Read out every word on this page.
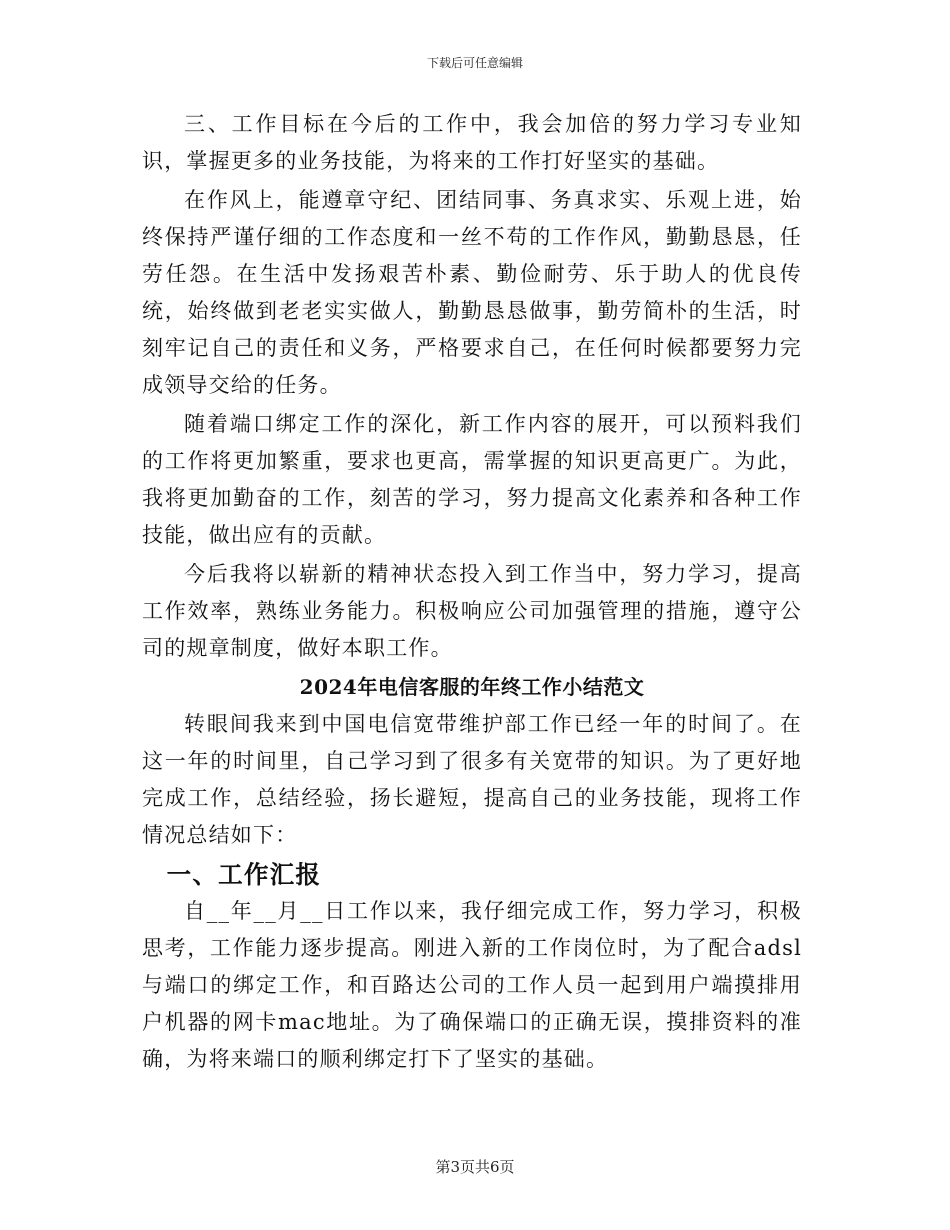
下载后可任意编辑

三、工作目标在今后的工作中，我会加倍的努力学习专业知识，掌握更多的业务技能，为将来的工作打好坚实的基础。

在作风上，能遵章守纪、团结同事、务真求实、乐观上进，始终保持严谨仔细的工作态度和一丝不苟的工作作风，勤勤恳恳，任劳任怨。在生活中发扬艰苦朴素、勤俭耐劳、乐于助人的优良传统，始终做到老老实实做人，勤勤恳恳做事，勤劳简朴的生活，时刻牢记自己的责任和义务，严格要求自己，在任何时候都要努力完成领导交给的任务。

随着端口绑定工作的深化，新工作内容的展开，可以预料我们的工作将更加繁重，要求也更高，需掌握的知识更高更广。为此，我将更加勤奋的工作，刻苦的学习，努力提高文化素养和各种工作技能，做出应有的贡献。

今后我将以崭新的精神状态投入到工作当中，努力学习，提高工作效率，熟练业务能力。积极响应公司加强管理的措施，遵守公司的规章制度，做好本职工作。

2024年电信客服的年终工作小结范文

转眼间我来到中国电信宽带维护部工作已经一年的时间了。在这一年的时间里，自己学习到了很多有关宽带的知识。为了更好地完成工作，总结经验，扬长避短，提高自己的业务技能，现将工作情况总结如下：

一、工作汇报

自__年__月__日工作以来，我仔细完成工作，努力学习，积极思考，工作能力逐步提高。刚进入新的工作岗位时，为了配合adsl与端口的绑定工作，和百路达公司的工作人员一起到用户端摸排用户机器的网卡mac地址。为了确保端口的正确无误，摸排资料的准确，为将来端口的顺利绑定打下了坚实的基础。

第3页共6页
